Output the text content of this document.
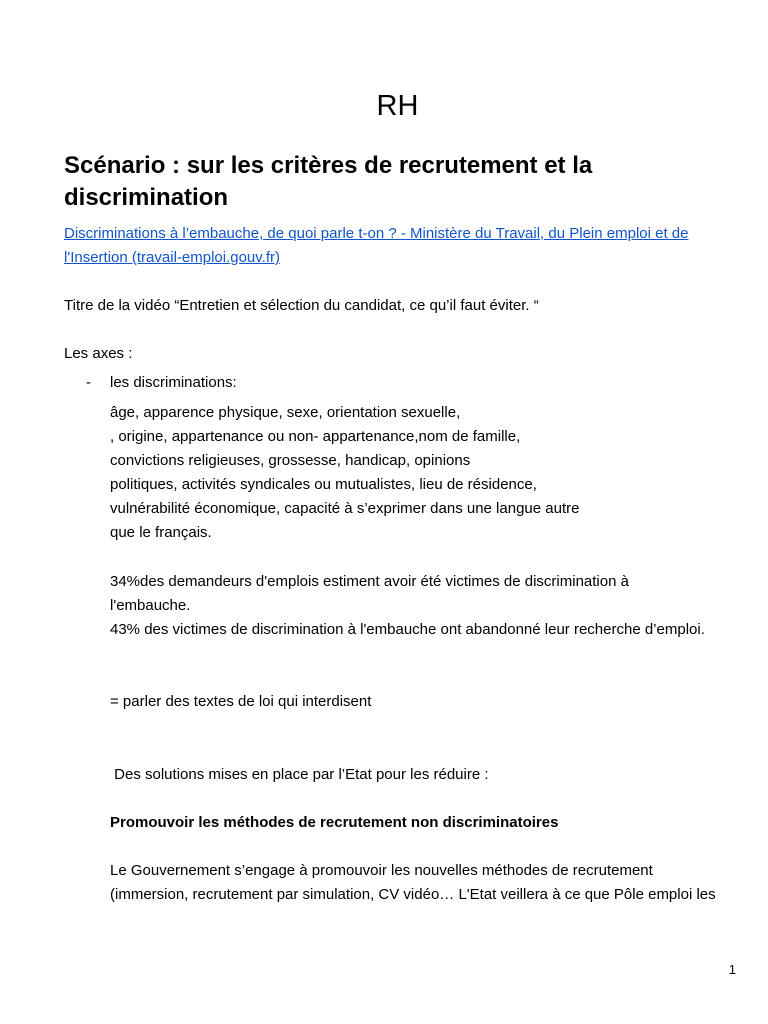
RH
Scénario : sur les critères de recrutement et la discrimination
Discriminations à l’embauche, de quoi parle t-on ? - Ministère du Travail, du Plein emploi et de
l'Insertion (travail-emploi.gouv.fr)

Titre de la vidéo “Entretien et sélection du candidat, ce qu’il faut éviter. “

Les axes :

- les discriminations:

âge, apparence physique, sexe, orientation sexuelle,

, origine, appartenance ou non- appartenance,nom de famille,

convictions religieuses, grossesse, handicap, opinions

politiques, activités syndicales ou mutualistes, lieu de résidence,

vulnérabilité économique, capacité à s’exprimer dans une langue autre

que le français.

34%des demandeurs d'emplois estiment avoir été victimes de discrimination à

l'embauche.

43% des victimes de discrimination à l'embauche ont abandonné leur recherche d’emploi.

= parler des textes de loi qui interdisent

Des solutions mises en place par l’Etat pour les réduire :

Promouvoir les méthodes de recrutement non discriminatoires

Le Gouvernement s’engage à promouvoir les nouvelles méthodes de recrutement

(immersion, recrutement par simulation, CV vidéo… L'Etat veillera à ce que Pôle emploi les

1
